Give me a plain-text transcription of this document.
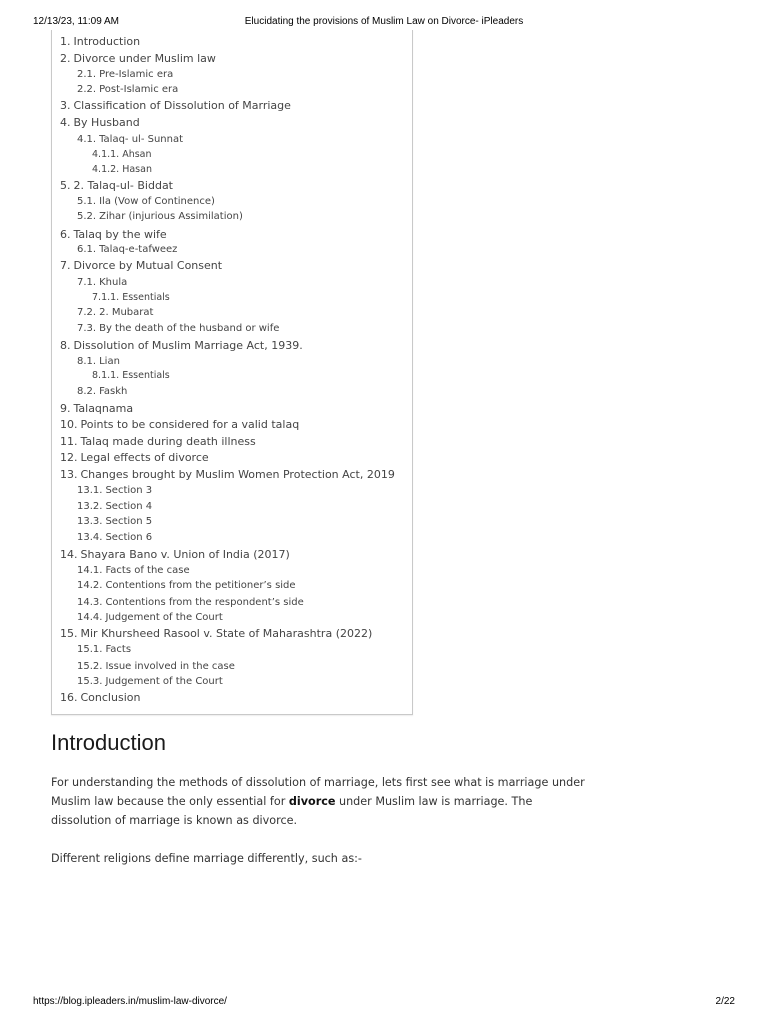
12/13/23, 11:09 AM	Elucidating the provisions of Muslim Law on Divorce- iPleaders
1. Introduction
2. Divorce under Muslim law
2.1. Pre-Islamic era
2.2. Post-Islamic era
3. Classification of Dissolution of Marriage
4. By Husband
4.1. Talaq- ul- Sunnat
4.1.1. Ahsan
4.1.2. Hasan
5. 2. Talaq-ul- Biddat
5.1. Ila (Vow of Continence)
5.2. Zihar (injurious Assimilation)
6. Talaq by the wife
6.1. Talaq-e-tafweez
7. Divorce by Mutual Consent
7.1. Khula
7.1.1. Essentials
7.2. 2. Mubarat
7.3. By the death of the husband or wife
8. Dissolution of Muslim Marriage Act, 1939.
8.1. Lian
8.1.1. Essentials
8.2. Faskh
9. Talaqnama
10. Points to be considered for a valid talaq
11. Talaq made during death illness
12. Legal effects of divorce
13. Changes brought by Muslim Women Protection Act, 2019
13.1. Section 3
13.2. Section 4
13.3. Section 5
13.4. Section 6
14. Shayara Bano v. Union of India (2017)
14.1. Facts of the case
14.2. Contentions from the petitioner’s side
14.3. Contentions from the respondent’s side
14.4. Judgement of the Court
15. Mir Khursheed Rasool v. State of Maharashtra (2022)
15.1. Facts
15.2. Issue involved in the case
15.3. Judgement of the Court
16. Conclusion
Introduction

For understanding the methods of dissolution of marriage, lets first see what is marriage under Muslim law because the only essential for divorce under Muslim law is marriage. The dissolution of marriage is known as divorce.

Different religions define marriage differently, such as:-

https://blog.ipleaders.in/muslim-law-divorce/	2/22
